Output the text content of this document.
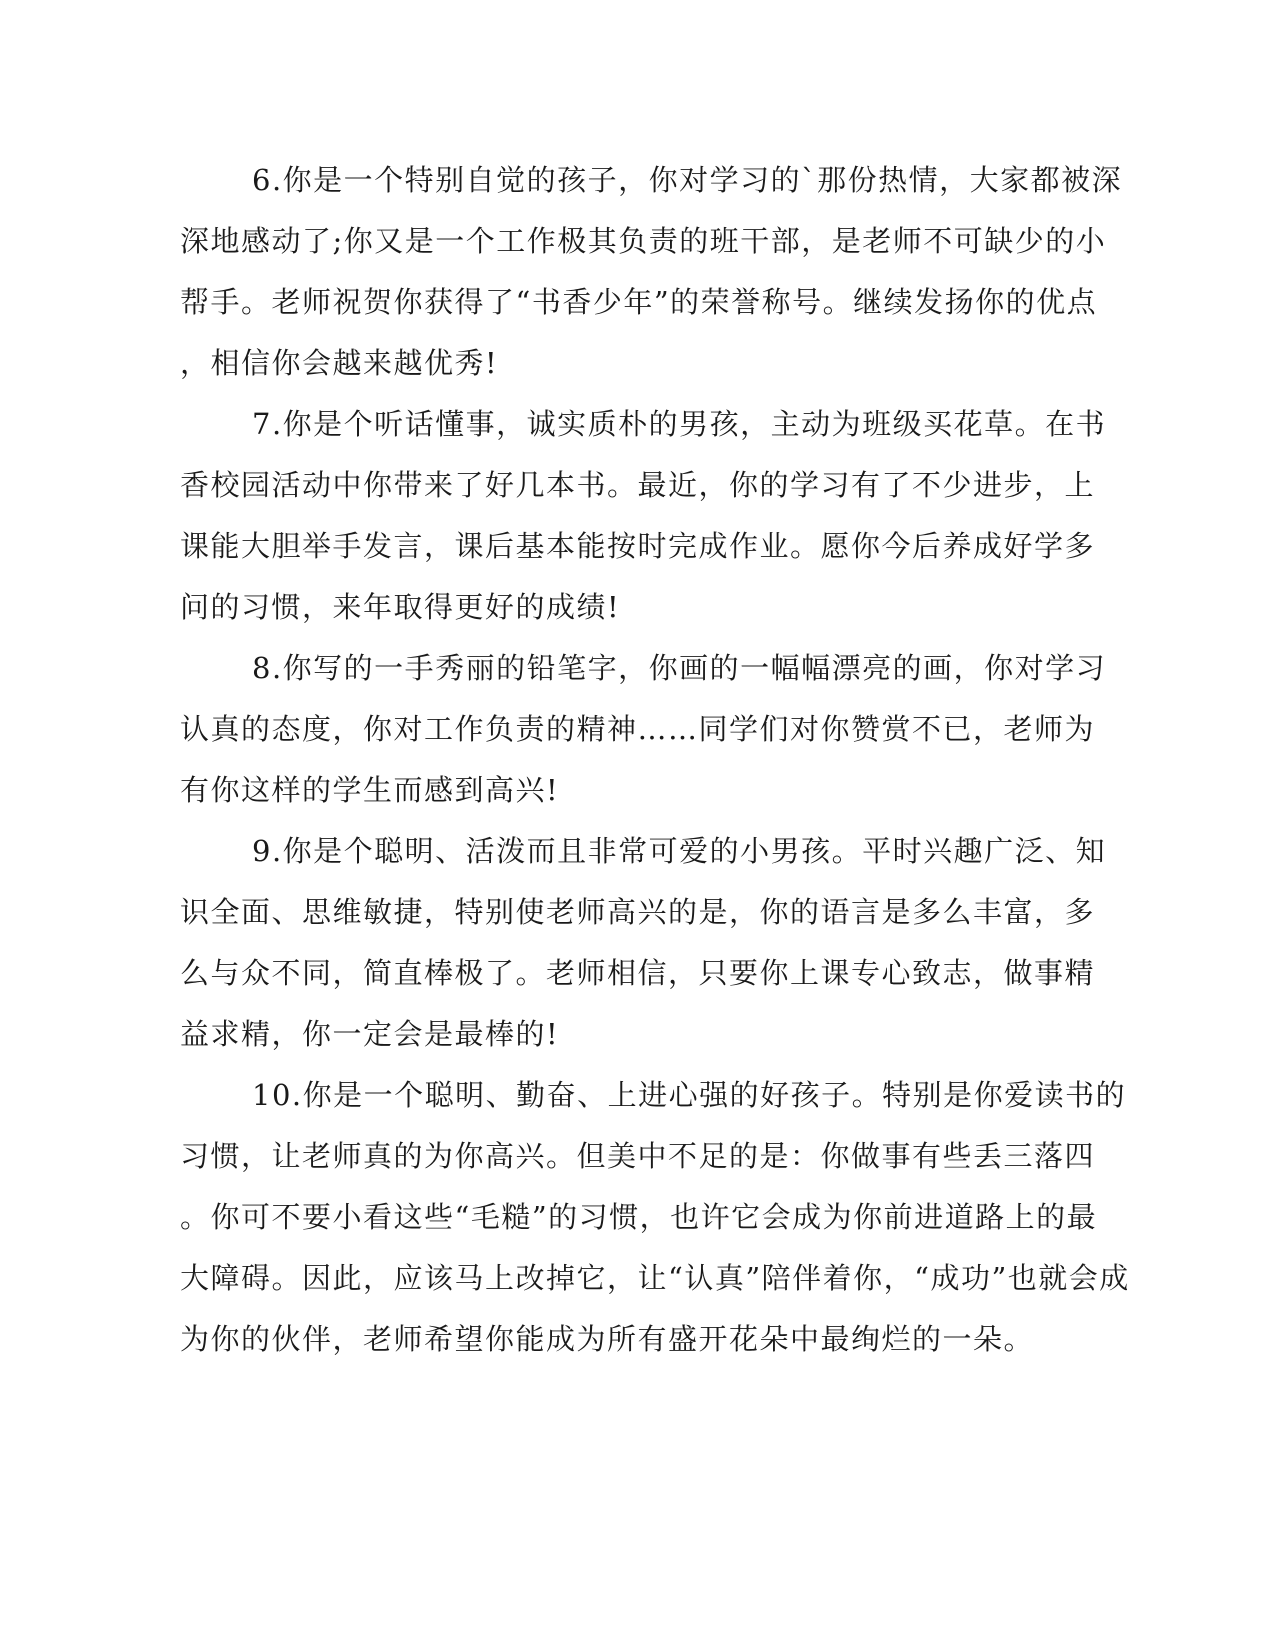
6.你是一个特别自觉的孩子，你对学习的`那份热情，大家都被深
深地感动了;你又是一个工作极其负责的班干部，是老师不可缺少的小
帮手。老师祝贺你获得了“书香少年”的荣誉称号。继续发扬你的优点
，相信你会越来越优秀!
7.你是个听话懂事，诚实质朴的男孩，主动为班级买花草。在书
香校园活动中你带来了好几本书。最近，你的学习有了不少进步，上
课能大胆举手发言，课后基本能按时完成作业。愿你今后养成好学多
问的习惯，来年取得更好的成绩!
8.你写的一手秀丽的铅笔字，你画的一幅幅漂亮的画，你对学习
认真的态度，你对工作负责的精神……同学们对你赞赏不已，老师为
有你这样的学生而感到高兴!
9.你是个聪明、活泼而且非常可爱的小男孩。平时兴趣广泛、知
识全面、思维敏捷，特别使老师高兴的是，你的语言是多么丰富，多
么与众不同，简直棒极了。老师相信，只要你上课专心致志，做事精
益求精，你一定会是最棒的!
10.你是一个聪明、勤奋、上进心强的好孩子。特别是你爱读书的
习惯，让老师真的为你高兴。但美中不足的是：你做事有些丢三落四
。你可不要小看这些“毛糙”的习惯，也许它会成为你前进道路上的最
大障碍。因此，应该马上改掉它，让“认真”陪伴着你，“成功”也就会成
为你的伙伴，老师希望你能成为所有盛开花朵中最绚烂的一朵。
